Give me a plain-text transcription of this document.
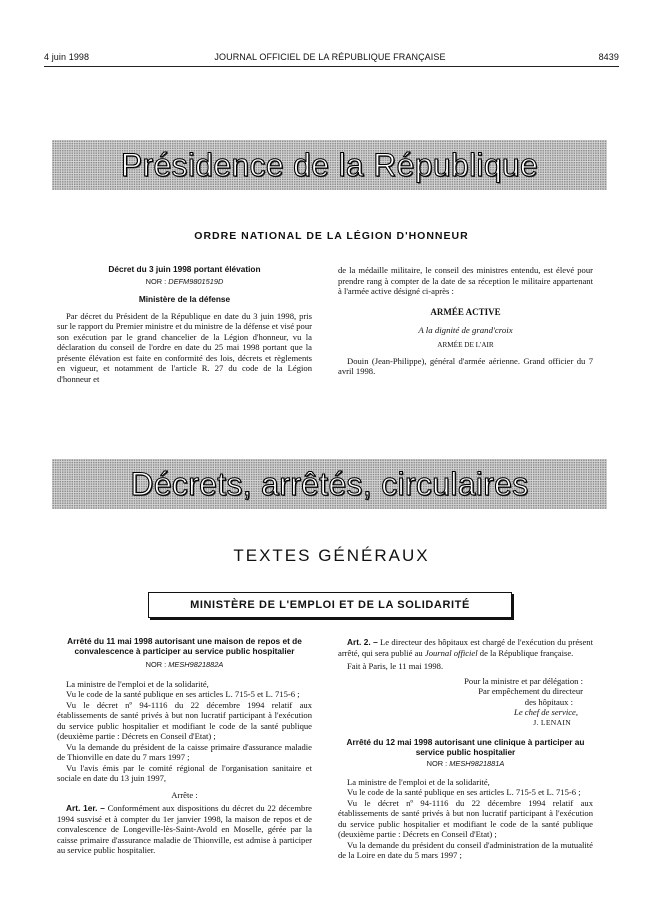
4 juin 1998	JOURNAL OFFICIEL DE LA RÉPUBLIQUE FRANÇAISE	8439
Présidence de la République
ORDRE NATIONAL DE LA LÉGION D'HONNEUR
Décret du 3 juin 1998 portant élévation
NOR : DEFM9801519D
Ministère de la défense

Par décret du Président de la République en date du 3 juin 1998, pris sur le rapport du Premier ministre et du ministre de la défense et visé pour son exécution par le grand chancelier de la Légion d'honneur, vu la déclaration du conseil de l'ordre en date du 25 mai 1998 portant que la présente élévation est faite en conformité des lois, décrets et règlements en vigueur, et notamment de l'article R. 27 du code de la Légion d'honneur et

de la médaille militaire, le conseil des ministres entendu, est élevé pour prendre rang à compter de la date de sa réception le militaire appartenant à l'armée active désigné ci-après :

ARMÉE ACTIVE
A la dignité de grand'croix
ARMÉE DE L'AIR

Douin (Jean-Philippe), général d'armée aérienne. Grand officier du 7 avril 1998.

Décrets, arrêtés, circulaires
TEXTES GÉNÉRAUX
MINISTÈRE DE L'EMPLOI ET DE LA SOLIDARITÉ
Arrêté du 11 mai 1998 autorisant une maison de repos et de convalescence à participer au service public hospitalier
NOR : MESH9821882A

La ministre de l'emploi et de la solidarité,

Vu le code de la santé publique en ses articles L. 715-5 et L. 715-6 ;

Vu le décret nº 94-1116 du 22 décembre 1994 relatif aux établissements de santé privés à but non lucratif participant à l'exécution du service public hospitalier et modifiant le code de la santé publique (deuxième partie : Décrets en Conseil d'Etat) ;

Vu la demande du président de la caisse primaire d'assurance maladie de Thionville en date du 7 mars 1997 ;

Vu l'avis émis par le comité régional de l'organisation sanitaire et sociale en date du 13 juin 1997,

Arrête :

Art. 1er. – Conformément aux dispositions du décret du 22 décembre 1994 susvisé et à compter du 1er janvier 1998, la maison de repos et de convalescence de Longeville-lès-Saint-Avold en Moselle, gérée par la caisse primaire d'assurance maladie de Thionville, est admise à participer au service public hospitalier.

Art. 2. – Le directeur des hôpitaux est chargé de l'exécution du présent arrêté, qui sera publié au Journal officiel de la République française.

Fait à Paris, le 11 mai 1998.

Pour la ministre et par délégation :
Par empêchement du directeur
des hôpitaux :
Le chef de service,
J. LENAIN
Arrêté du 12 mai 1998 autorisant une clinique à participer au service public hospitalier
NOR : MESH9821881A

La ministre de l'emploi et de la solidarité,

Vu le code de la santé publique en ses articles L. 715-5 et L. 715-6 ;

Vu le décret nº 94-1116 du 22 décembre 1994 relatif aux établissements de santé privés à but non lucratif participant à l'exécution du service public hospitalier et modifiant le code de la santé publique (deuxième partie : Décrets en Conseil d'Etat) ;

Vu la demande du président du conseil d'administration de la mutualité de la Loire en date du 5 mars 1997 ;
